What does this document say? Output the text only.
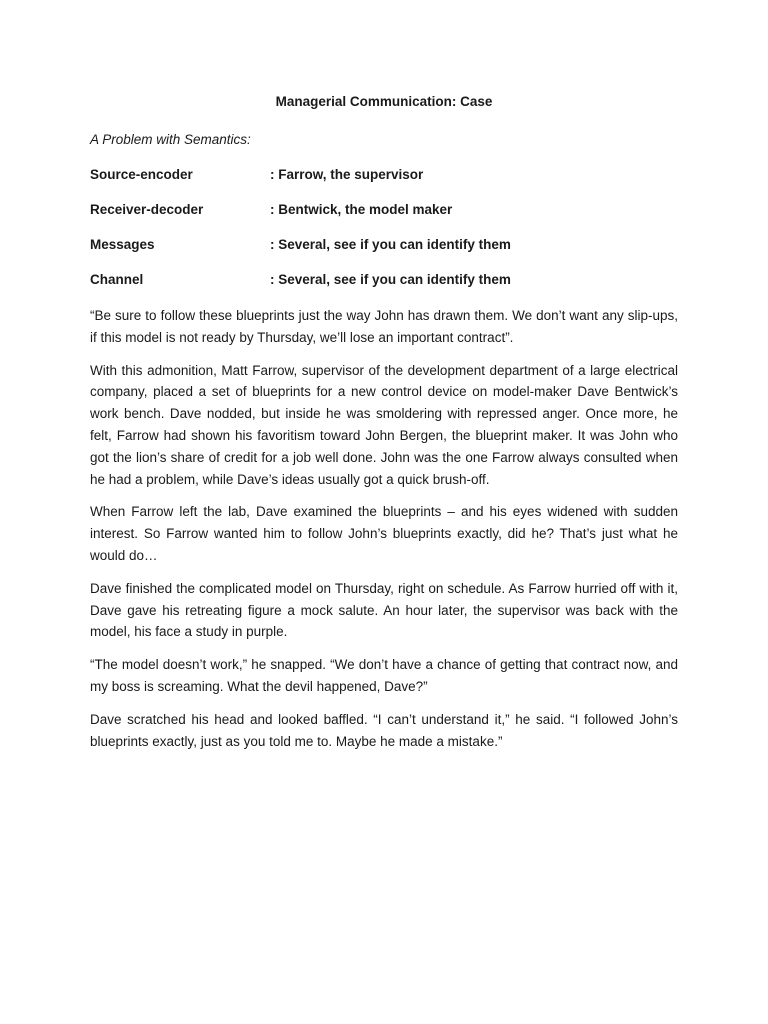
Managerial Communication: Case
A Problem with Semantics:
Source-encoder	: Farrow, the supervisor
Receiver-decoder	: Bentwick, the model maker
Messages	: Several, see if you can identify them
Channel	: Several, see if you can identify them

“Be sure to follow these blueprints just the way John has drawn them. We don’t want any slip-ups, if this model is not ready by Thursday, we’ll lose an important contract”.

With this admonition, Matt Farrow, supervisor of the development department of a large electrical company, placed a set of blueprints for a new control device on model-maker Dave Bentwick’s work bench. Dave nodded, but inside he was smoldering with repressed anger. Once more, he felt, Farrow had shown his favoritism toward John Bergen, the blueprint maker. It was John who got the lion’s share of credit for a job well done. John was the one Farrow always consulted when he had a problem, while Dave’s ideas usually got a quick brush-off.

When Farrow left the lab, Dave examined the blueprints – and his eyes widened with sudden interest. So Farrow wanted him to follow John’s blueprints exactly, did he? That’s just what he would do…

Dave finished the complicated model on Thursday, right on schedule. As Farrow hurried off with it, Dave gave his retreating figure a mock salute. An hour later, the supervisor was back with the model, his face a study in purple.

“The model doesn’t work,” he snapped. “We don’t have a chance of getting that contract now, and my boss is screaming. What the devil happened, Dave?”

Dave scratched his head and looked baffled. “I can’t understand it,” he said. “I followed John’s blueprints exactly, just as you told me to. Maybe he made a mistake.”
